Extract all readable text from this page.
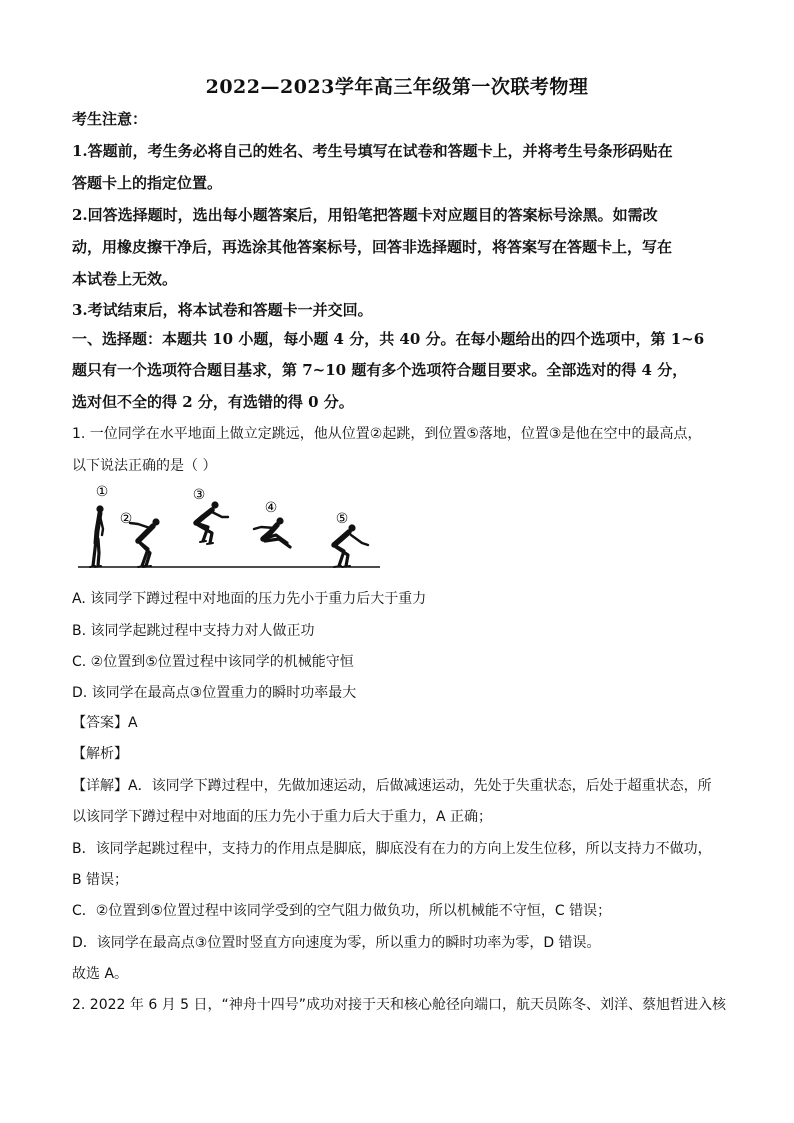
2022—2023学年高三年级第一次联考物理
考生注意：
1.答题前，考生务必将自己的姓名、考生号填写在试卷和答题卡上，并将考生号条形码贴在
答题卡上的指定位置。
2.回答选择题时，选出每小题答案后，用铅笔把答题卡对应题目的答案标号涂黑。如需改
动，用橡皮擦干净后，再选涂其他答案标号，回答非选择题时，将答案写在答题卡上，写在
本试卷上无效。
3.考试结束后，将本试卷和答题卡一并交回。
一、选择题：本题共 10 小题，每小题 4 分，共 40 分。在每小题给出的四个选项中，第 1~6
题只有一个选项符合题目基求，第 7~10 题有多个选项符合题目要求。全部选对的得 4 分，
选对但不全的得 2 分，有选错的得 0 分。
1. 一位同学在水平地面上做立定跳远，他从位置②起跳，到位置⑤落地，位置③是他在空中的最高点，
以下说法正确的是（ ）
①
②
③
④
⑤
A. 该同学下蹲过程中对地面的压力先小于重力后大于重力
B. 该同学起跳过程中支持力对人做正功
C. ②位置到⑤位置过程中该同学的机械能守恒
D. 该同学在最高点③位置重力的瞬时功率最大
【答案】A
【解析】
【详解】A．该同学下蹲过程中，先做加速运动，后做减速运动，先处于失重状态，后处于超重状态，所
以该同学下蹲过程中对地面的压力先小于重力后大于重力，A 正确；
B．该同学起跳过程中，支持力的作用点是脚底，脚底没有在力的方向上发生位移，所以支持力不做功，
B 错误；
C．②位置到⑤位置过程中该同学受到的空气阻力做负功，所以机械能不守恒，C 错误；
D．该同学在最高点③位置时竖直方向速度为零，所以重力的瞬时功率为零，D 错误。
故选 A。
2. 2022 年 6 月 5 日，“神舟十四号”成功对接于天和核心舱径向端口，航天员陈冬、刘洋、蔡旭哲进入核
